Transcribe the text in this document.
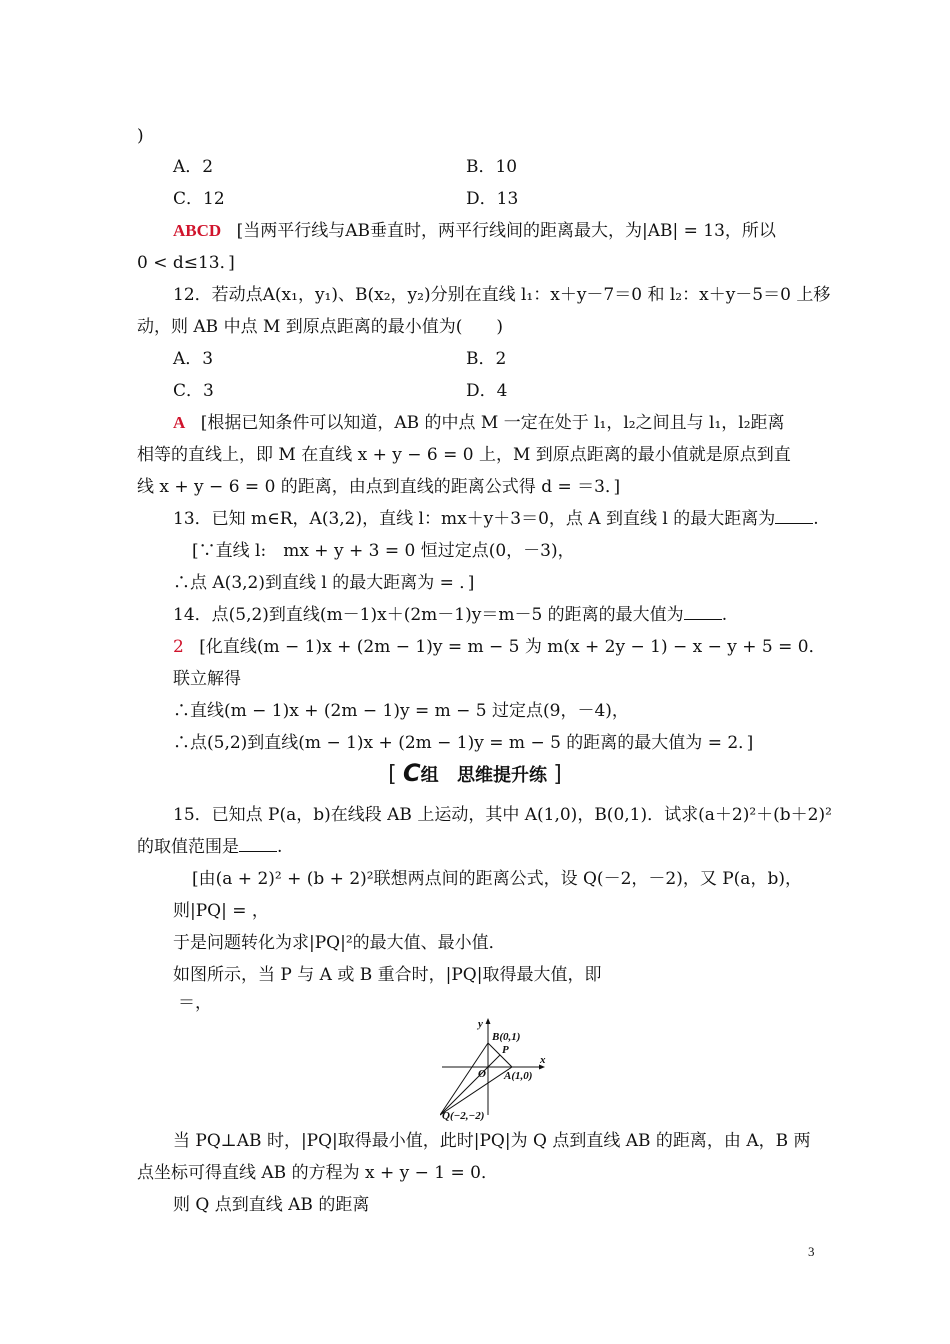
)
A．2	B．10
C．12	D．13
ABCD [当两平行线与AB垂直时，两平行线间的距离最大，为|AB| = 13，所以
0 < d≤13．]
12．若动点A(x₁，y₁)、B(x₂，y₂)分别在直线 l₁：x＋y－7＝0 和 l₂：x＋y－5＝0 上移
动，则 AB 中点 M 到原点距离的最小值为(　　)
A．3	B．2
C．3	D．4
A [根据已知条件可以知道，AB 的中点 M 一定在处于 l₁，l₂之间且与 l₁，l₂距离
相等的直线上，即 M 在直线 x + y − 6 = 0 上，M 到原点距离的最小值就是原点到直
线 x + y − 6 = 0 的距离，由点到直线的距离公式得 d = ＝3．]
13．已知 m∈R，A(3,2)，直线 l：mx＋y＋3＝0，点 A 到直线 l 的最大距离为 .
[∵直线 l:　mx + y + 3 = 0 恒过定点(0，－3)，
∴点 A(3,2)到直线 l 的最大距离为 = ．]
14．点(5,2)到直线(m－1)x＋(2m－1)y＝m－5 的距离的最大值为 .
2 [化直线(m − 1)x + (2m − 1)y = m − 5 为 m(x + 2y − 1) − x − y + 5 = 0．
联立解得
∴直线(m − 1)x + (2m − 1)y = m − 5 过定点(9，－4)，
∴点(5,2)到直线(m − 1)x + (2m − 1)y = m − 5 的距离的最大值为 = 2．]
[ C组 思维提升练 ]
15．已知点 P(a，b)在线段 AB 上运动，其中 A(1,0)，B(0,1)．试求(a＋2)²＋(b＋2)²
的取值范围是 .
[由(a + 2)² + (b + 2)²联想两点间的距离公式，设 Q(－2，－2)，又 P(a，b)，
则|PQ| = ，
于是问题转化为求|PQ|²的最大值、最小值．
如图所示，当 P 与 A 或 B 重合时，|PQ|取得最大值，即
＝，
y
x
B(0,1)
P
O A(1,0)
Q(−2,−2)
当 PQ⊥AB 时，|PQ|取得最小值，此时|PQ|为 Q 点到直线 AB 的距离，由 A，B 两
点坐标可得直线 AB 的方程为 x + y − 1 = 0．
则 Q 点到直线 AB 的距离
3
